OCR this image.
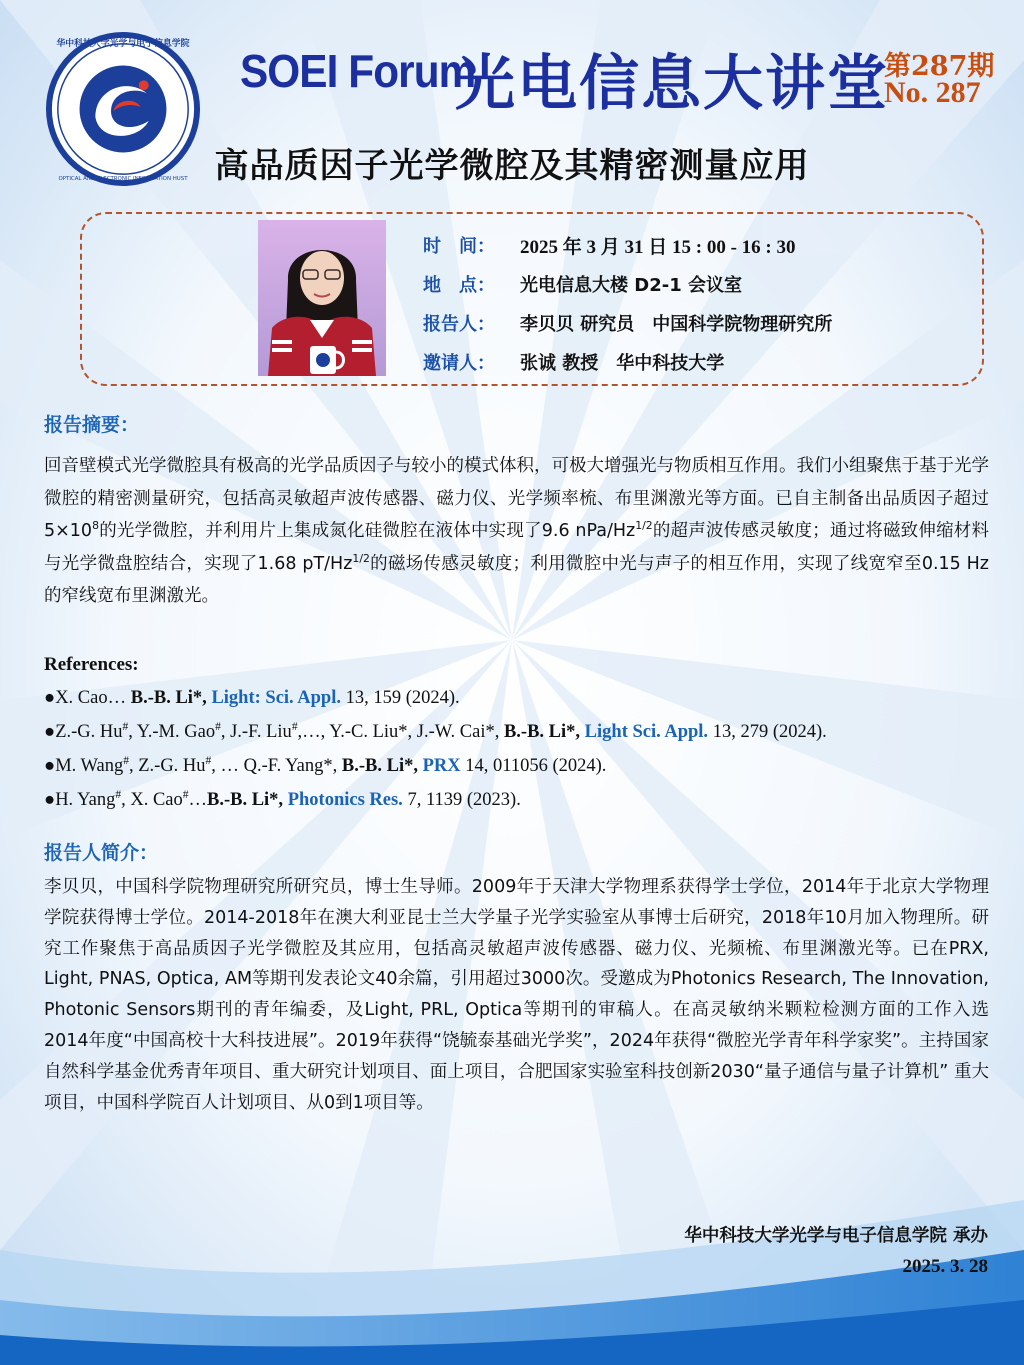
华中科技大学光学与电子信息学院
OPTICAL AND ELECTRONIC INFORMATION HUST
SOEI Forum
光电信息大讲堂
第287期
No. 287
高品质因子光学微腔及其精密测量应用
时　间： 2025 年 3 月 31 日 15 : 00 - 16 : 30
地　点： 光电信息大楼 D2-1 会议室
报告人： 李贝贝 研究员　中国科学院物理研究所
邀请人： 张诚 教授　华中科技大学
报告摘要：
回音壁模式光学微腔具有极高的光学品质因子与较小的模式体积，可极大增强光与物质相互作用。我们小组聚焦于基于光学微腔的精密测量研究，包括高灵敏超声波传感器、磁力仪、光学频率梳、布里渊激光等方面。已自主制备出品质因子超过$5\times 10^8$的光学微腔，并利用片上集成氮化硅微腔在液体中实现了9.6 nPa/$Hz^{1/2}$的超声波传感灵敏度；通过将磁致伸缩材料与光学微盘腔结合，实现了1.68 $pT/Hz^{1/2}$的磁场传感灵敏度；利用微腔中光与声子的相互作用，实现了线宽窄至0.15 Hz的窄线宽布里渊激光。
References:
●X. Cao… B.-B. Li*, Light: Sci. Appl. 13, 159 (2024).
●Z.-G. Hu#, Y.-M. Gao#, J.-F. Liu#,…, Y.-C. Liu*, J.-W. Cai*, B.-B. Li*, Light Sci. Appl. 13, 279 (2024).
●M. Wang#, Z.-G. Hu#, … Q.-F. Yang*, B.-B. Li*, PRX 14, 011056 (2024).
●H. Yang#, X. Cao#…B.-B. Li*, Photonics Res. 7, 1139 (2023).
报告人简介：
李贝贝，中国科学院物理研究所研究员，博士生导师。2009年于天津大学物理系获得学士学位，2014年于北京大学物理学院获得博士学位。2014-2018年在澳大利亚昆士兰大学量子光学实验室从事博士后研究，2018年10月加入物理所。研究工作聚焦于高品质因子光学微腔及其应用，包括高灵敏超声波传感器、磁力仪、光频梳、布里渊激光等。已在PRX, Light, PNAS, Optica, AM等期刊发表论文40余篇，引用超过3000次。受邀成为Photonics Research, The Innovation, Photonic Sensors期刊的青年编委，及Light, PRL, Optica等期刊的审稿人。在高灵敏纳米颗粒检测方面的工作入选2014年度“中国高校十大科技进展”。2019年获得“饶毓泰基础光学奖”，2024年获得“微腔光学青年科学家奖”。主持国家自然科学基金优秀青年项目、重大研究计划项目、面上项目，合肥国家实验室科技创新2030“量子通信与量子计算机” 重大项目，中国科学院百人计划项目、从0到1项目等。
华中科技大学光学与电子信息学院 承办
2025. 3. 28
